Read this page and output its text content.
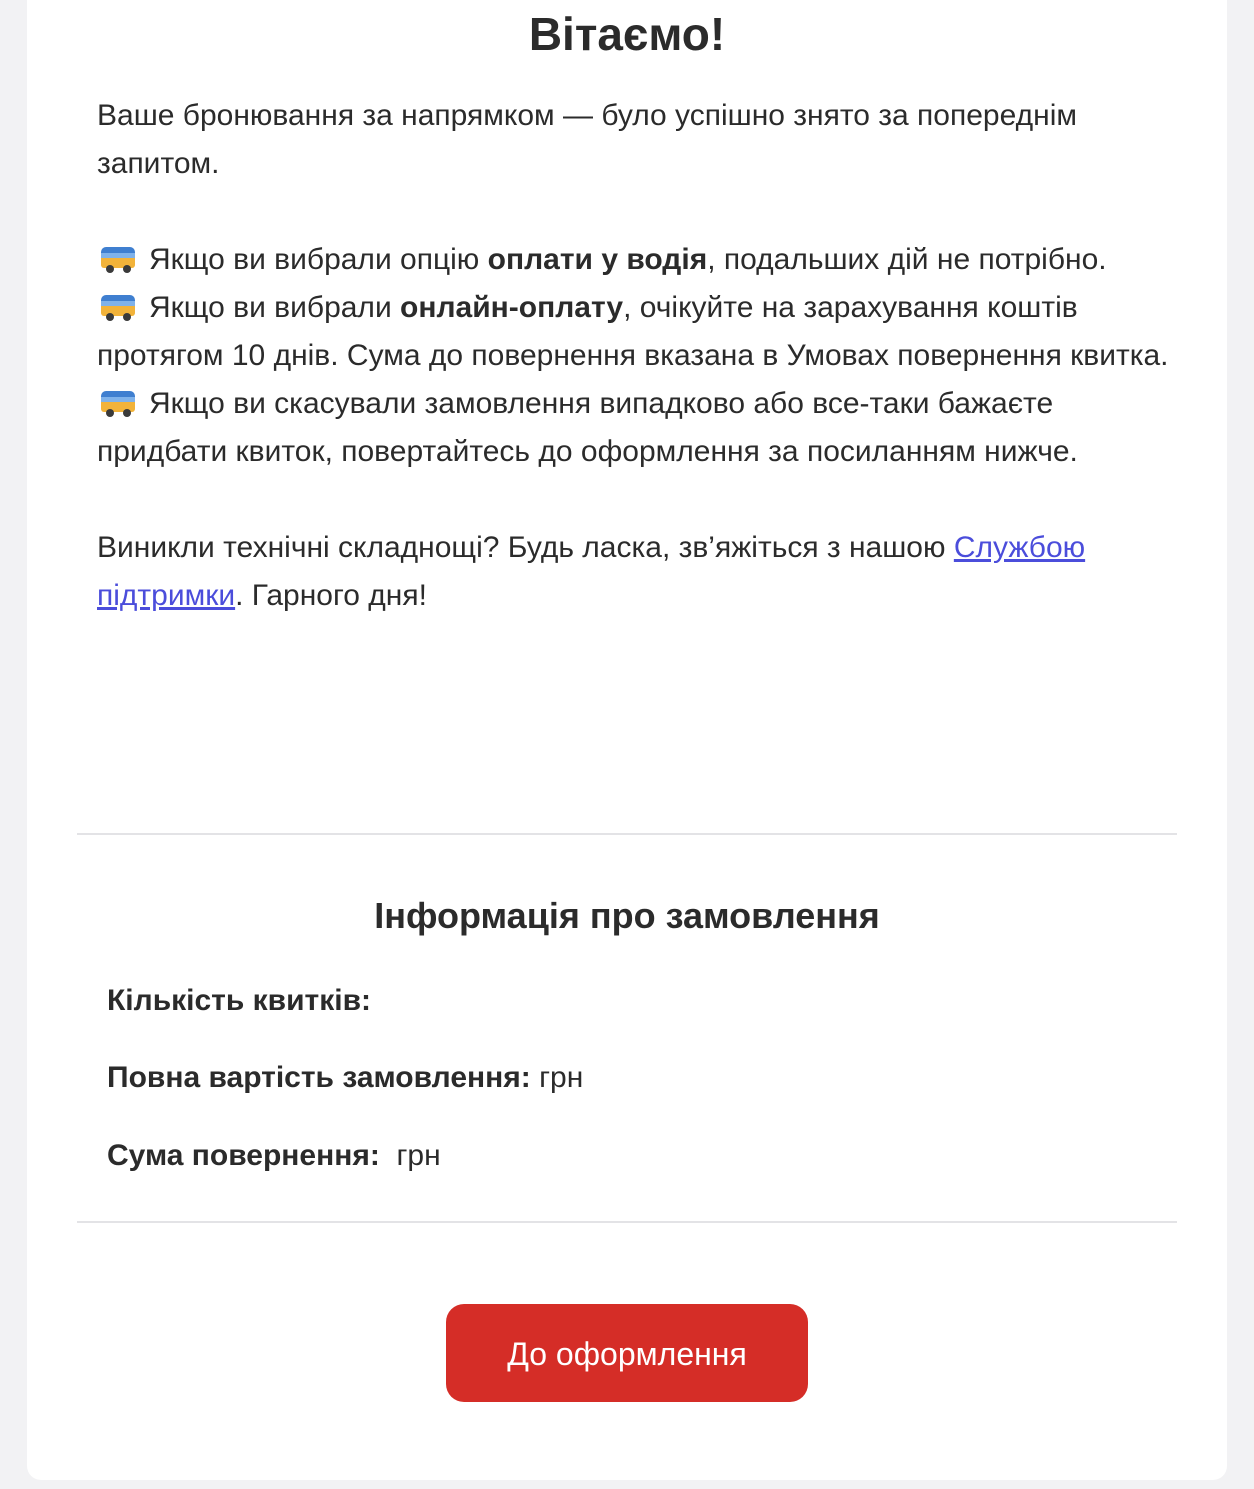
Вітаємо!

Ваше бронювання за напрямком — було успішно знято за попереднім запитом.

Якщо ви вибрали опцію оплати у водія, подальших дій не потрібно.

Якщо ви вибрали онлайн-оплату, очікуйте на зарахування коштів протягом 10 днів. Сума до повернення вказана в Умовах повернення квитка.

Якщо ви скасували замовлення випадково або все-таки бажаєте придбати квиток, повертайтесь до оформлення за посиланням нижче.

Виникли технічні складнощі? Будь ласка, зв’яжіться з нашою Службою підтримки. Гарного дня!

Інформація про замовлення
Кількість квитків:
Повна вартість замовлення: грн
Сума повернення:  грн
До оформлення
